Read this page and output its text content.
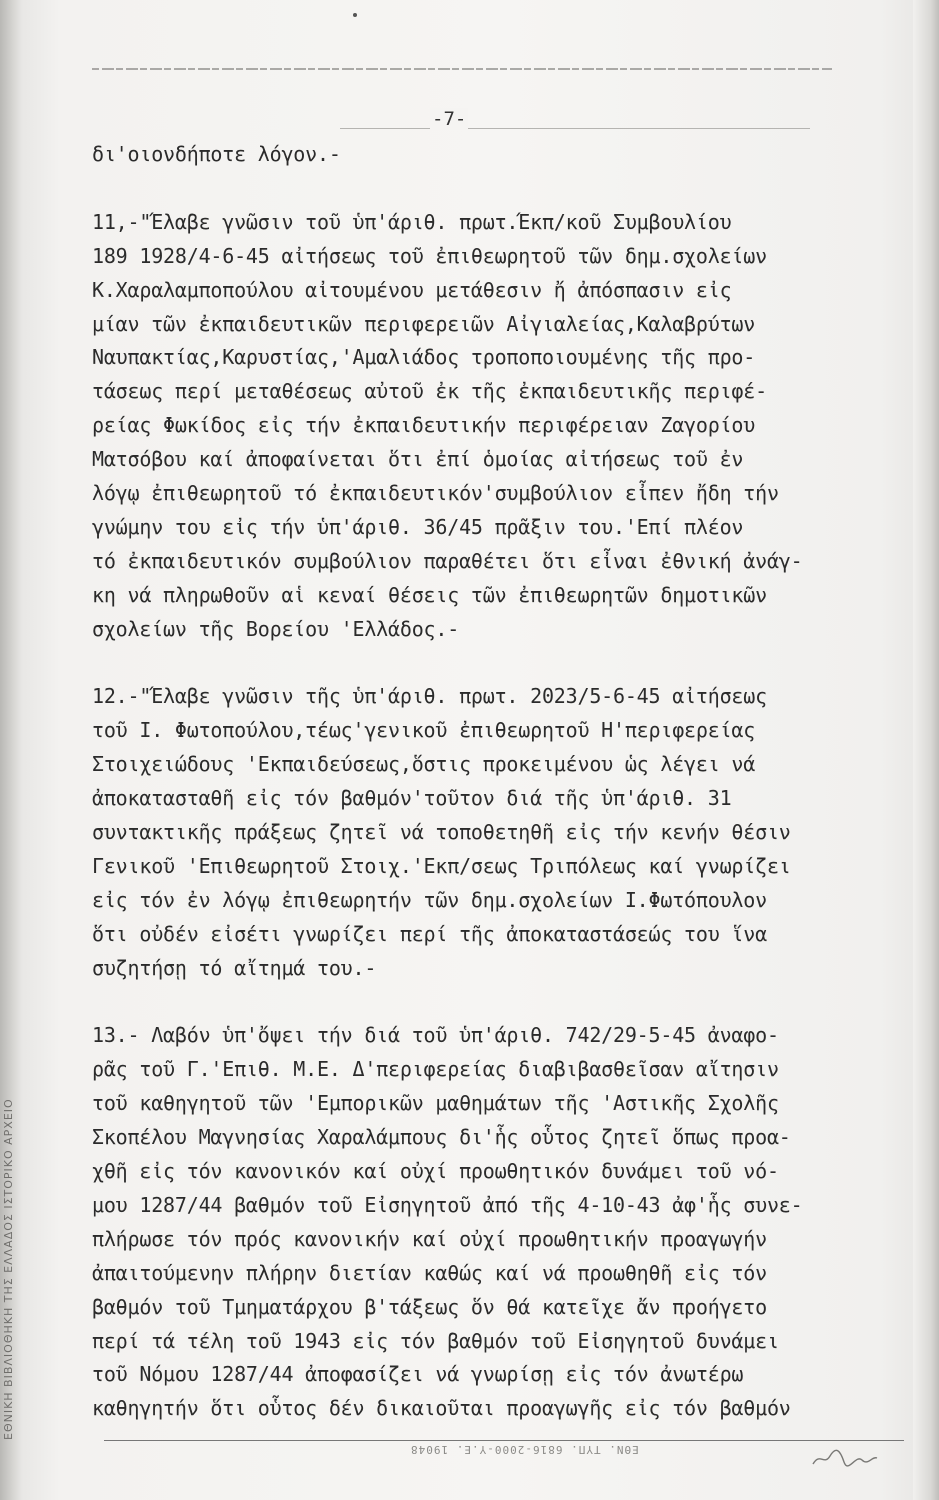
ΕΘΝΙΚΗ ΒΙΒΛΙΟΘΗΚΗ ΤΗΣ ΕΛΛΑΔΟΣ ΙΣΤΟΡΙΚΟ ΑΡΧΕΙΟ
-7-
δι'οιονδήποτε λόγον.-
11,-"Έλαβε γνῶσιν τοῦ ὑπ'άριθ. πρωτ.Έκπ/κοῦ Συμβουλίου
189 1928/4-6-45 αἰτήσεως τοῦ ἐπιθεωρητοῦ τῶν δημ.σχολείων
Κ.Χαραλαμποπούλου αἰτουμένου μετάθεσιν ἤ ἀπόσπασιν εἰς
μίαν τῶν ἐκπαιδευτικῶν περιφερειῶν Αἰγιαλείας,Καλαβρύτων
Ναυπακτίας,Καρυστίας,'Αμαλιάδος τροποποιουμένης τῆς προ-
τάσεως περί μεταθέσεως αὐτοῦ ἐκ τῆς ἐκπαιδευτικῆς περιφέ-
ρείας Φωκίδος εἰς τήν ἐκπαιδευτικήν περιφέρειαν Ζαγορίου
Ματσόβου καί ἀποφαίνεται ὅτι ἐπί ὁμοίας αἰτήσεως τοῦ ἐν
λόγῳ ἐπιθεωρητοῦ τό ἐκπαιδευτικόν'συμβούλιον εἶπεν ἤδη τήν
γνώμην του εἰς τήν ὑπ'άριθ. 36/45 πρᾶξιν του.'Επί πλέον
τό ἐκπαιδευτικόν συμβούλιον παραθέτει ὅτι εἶναι ἐθνική ἀνάγ-
κη νά πληρωθοῦν αἱ κεναί θέσεις τῶν ἐπιθεωρητῶν δημοτικῶν
σχολείων τῆς Βορείου 'Ελλάδος.-
12.-"Έλαβε γνῶσιν τῆς ὑπ'άριθ. πρωτ. 2023/5-6-45 αἰτήσεως
τοῦ Ι. Φωτοπούλου,τέως'γενικοῦ ἐπιθεωρητοῦ Η'περιφερείας
Στοιχειώδους 'Εκπαιδεύσεως,ὅστις προκειμένου ὡς λέγει νά
ἀποκατασταθῆ εἰς τόν βαθμόν'τοῦτον διά τῆς ὑπ'άριθ. 31
συντακτικῆς πράξεως ζητεῖ νά τοποθετηθῆ εἰς τήν κενήν θέσιν
Γενικοῦ 'Επιθεωρητοῦ Στοιχ.'Εκπ/σεως Τριπόλεως καί γνωρίζει
εἰς τόν ἐν λόγῳ ἐπιθεωρητήν τῶν δημ.σχολείων Ι.Φωτόπουλον
ὅτι οὐδέν εἰσέτι γνωρίζει περί τῆς ἀποκαταστάσεώς του ἵνα
συζητήσῃ τό αἴτημά του.-
13.- Λαβόν ὑπ'ὄψει τήν διά τοῦ ὑπ'άριθ. 742/29-5-45 ἀναφο-
ρᾶς τοῦ Γ.'Επιθ. Μ.Ε. Δ'περιφερείας διαβιβασθεῖσαν αἴτησιν
τοῦ καθηγητοῦ τῶν 'Εμπορικῶν μαθημάτων τῆς 'Αστικῆς Σχολῆς
Σκοπέλου Μαγνησίας Χαραλάμπους δι'ἧς οὗτος ζητεῖ ὅπως προα-
χθῆ εἰς τόν κανονικόν καί οὐχί προωθητικόν δυνάμει τοῦ νό-
μου 1287/44 βαθμόν τοῦ Εἰσηγητοῦ ἀπό τῆς 4-10-43 ἀφ'ἧς συνε-
πλήρωσε τόν πρός κανονικήν καί οὐχί προωθητικήν προαγωγήν
ἀπαιτούμενην πλήρην διετίαν καθώς καί νά προωθηθῆ εἰς τόν
βαθμόν τοῦ Τμηματάρχου β'τάξεως ὅν θά κατεῖχε ἄν προήγετο
περί τά τέλη τοῦ 1943 εἰς τόν βαθμόν τοῦ Εἰσηγητοῦ δυνάμει
τοῦ Νόμου 1287/44 ἀποφασίζει νά γνωρίσῃ εἰς τόν ἀνωτέρω
καθηγητήν ὅτι οὗτος δέν δικαιοῦται προαγωγῆς εἰς τόν βαθμόν
ΕΘΝ. ΤΥΠ. 6816-2000-Υ.Ε. 19048
